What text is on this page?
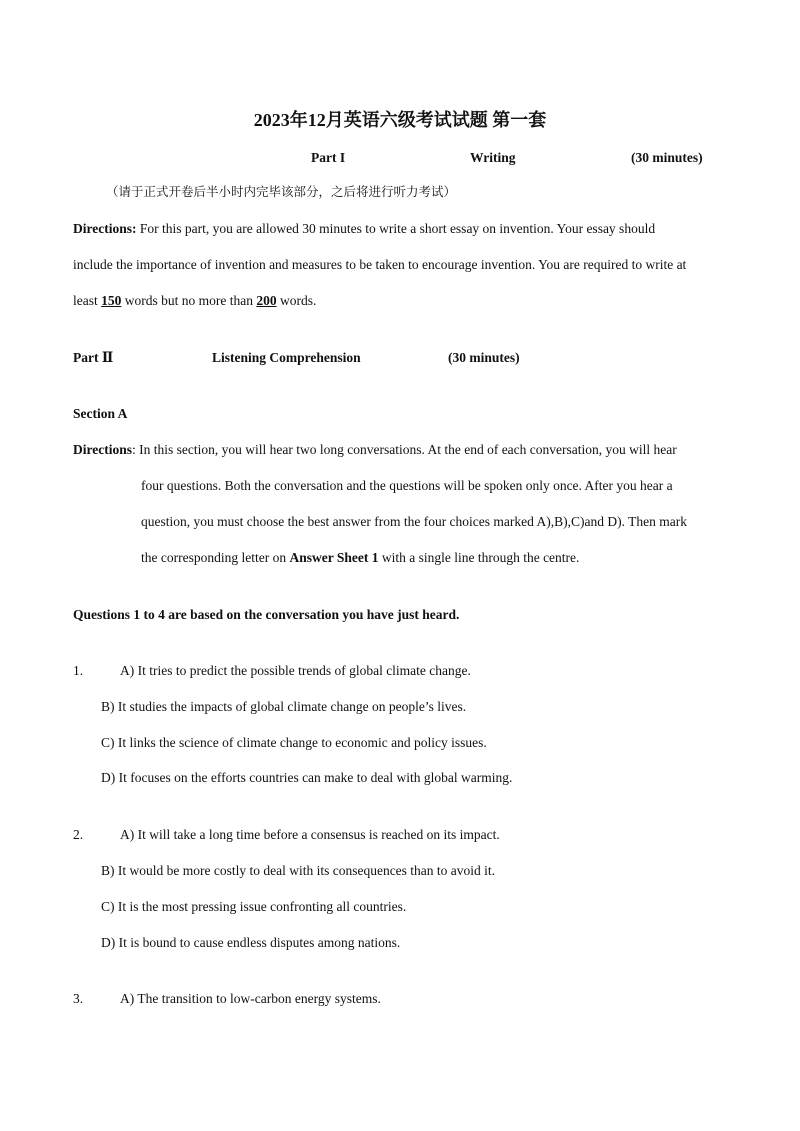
2023年12月英语六级考试试题 第一套
Part I	Writing	(30 minutes)
（请于正式开卷后半小时内完毕该部分，之后将进行听力考试）
Directions: For this part, you are allowed 30 minutes to write a short essay on invention. Your essay should
include the importance of invention and measures to be taken to encourage invention. You are required to write at
least 150 words but no more than 200 words.
Part Ⅱ	Listening Comprehension	(30 minutes)
Section A
Directions: In this section, you will hear two long conversations. At the end of each conversation, you will hear
four questions. Both the conversation and the questions will be spoken only once. After you hear a
question, you must choose the best answer from the four choices marked A),B),C)and D). Then mark
the corresponding letter on Answer Sheet 1 with a single line through the centre.
Questions 1 to 4 are based on the conversation you have just heard.
1.	A) It tries to predict the possible trends of global climate change.
B) It studies the impacts of global climate change on people’s lives.
C) It links the science of climate change to economic and policy issues.
D) It focuses on the efforts countries can make to deal with global warming.
2.	A) It will take a long time before a consensus is reached on its impact.
B) It would be more costly to deal with its consequences than to avoid it.
C) It is the most pressing issue confronting all countries.
D) It is bound to cause endless disputes among nations.
3.	A) The transition to low-carbon energy systems.
